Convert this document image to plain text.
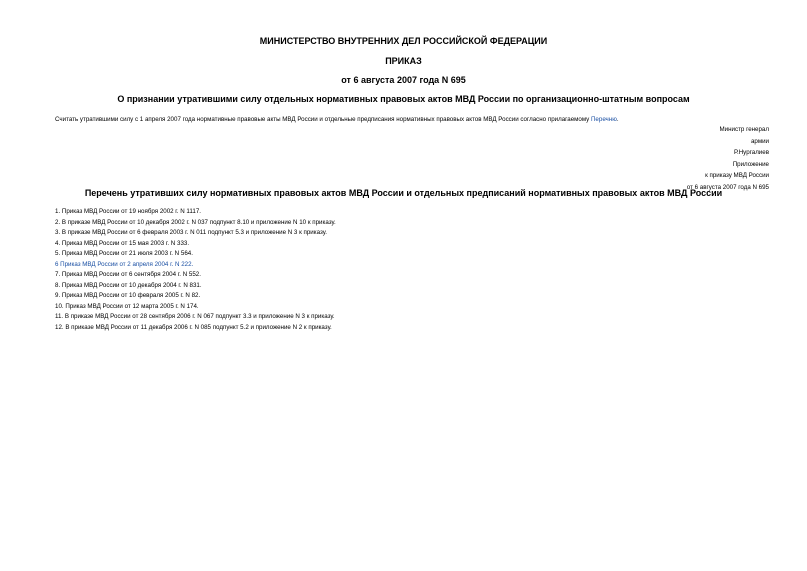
МИНИСТЕРСТВО ВНУТРЕННИХ ДЕЛ РОССИЙСКОЙ ФЕДЕРАЦИИ
ПРИКАЗ
от 6 августа 2007 года N 695
О признании утратившими силу отдельных нормативных правовых актов МВД России по организационно-штатным вопросам
Считать утратившими силу с 1 апреля 2007 года нормативные правовые акты МВД России и отдельные предписания нормативных правовых актов МВД России согласно прилагаемому Перечню.
Министр генерал
армии
Р.Нургалиев
Приложение
к приказу МВД России
от 6 августа 2007 года N 695
Перечень утративших силу нормативных правовых актов МВД России и отдельных предписаний нормативных правовых актов МВД России
1. Приказ МВД России от 19 ноября 2002 г. N 1117.
2. В приказе МВД России от 10 декабря 2002 г. N 037 подпункт 8.10 и приложение N 10 к приказу.
3. В приказе МВД России от 6 февраля 2003 г. N 011 подпункт 5.3 и приложение N 3 к приказу.
4. Приказ МВД России от 15 мая 2003 г. N 333.
5. Приказ МВД России от 21 июля 2003 г. N 564.
6 Приказ МВД России от 2 апреля 2004 г. N 222.
7. Приказ МВД России от 6 сентября 2004 г. N 552.
8. Приказ МВД России от 10 декабря 2004 г. N 831.
9. Приказ МВД России от 10 февраля 2005 г. N 82.
10. Приказ МВД России от 12 марта 2005 г. N 174.
11. В приказе МВД России от 28 сентября 2006 г. N 067 подпункт 3.3 и приложение N 3 к приказу.
12. В приказе МВД России от 11 декабря 2006 г. N 085 подпункт 5.2 и приложение N 2 к приказу.
